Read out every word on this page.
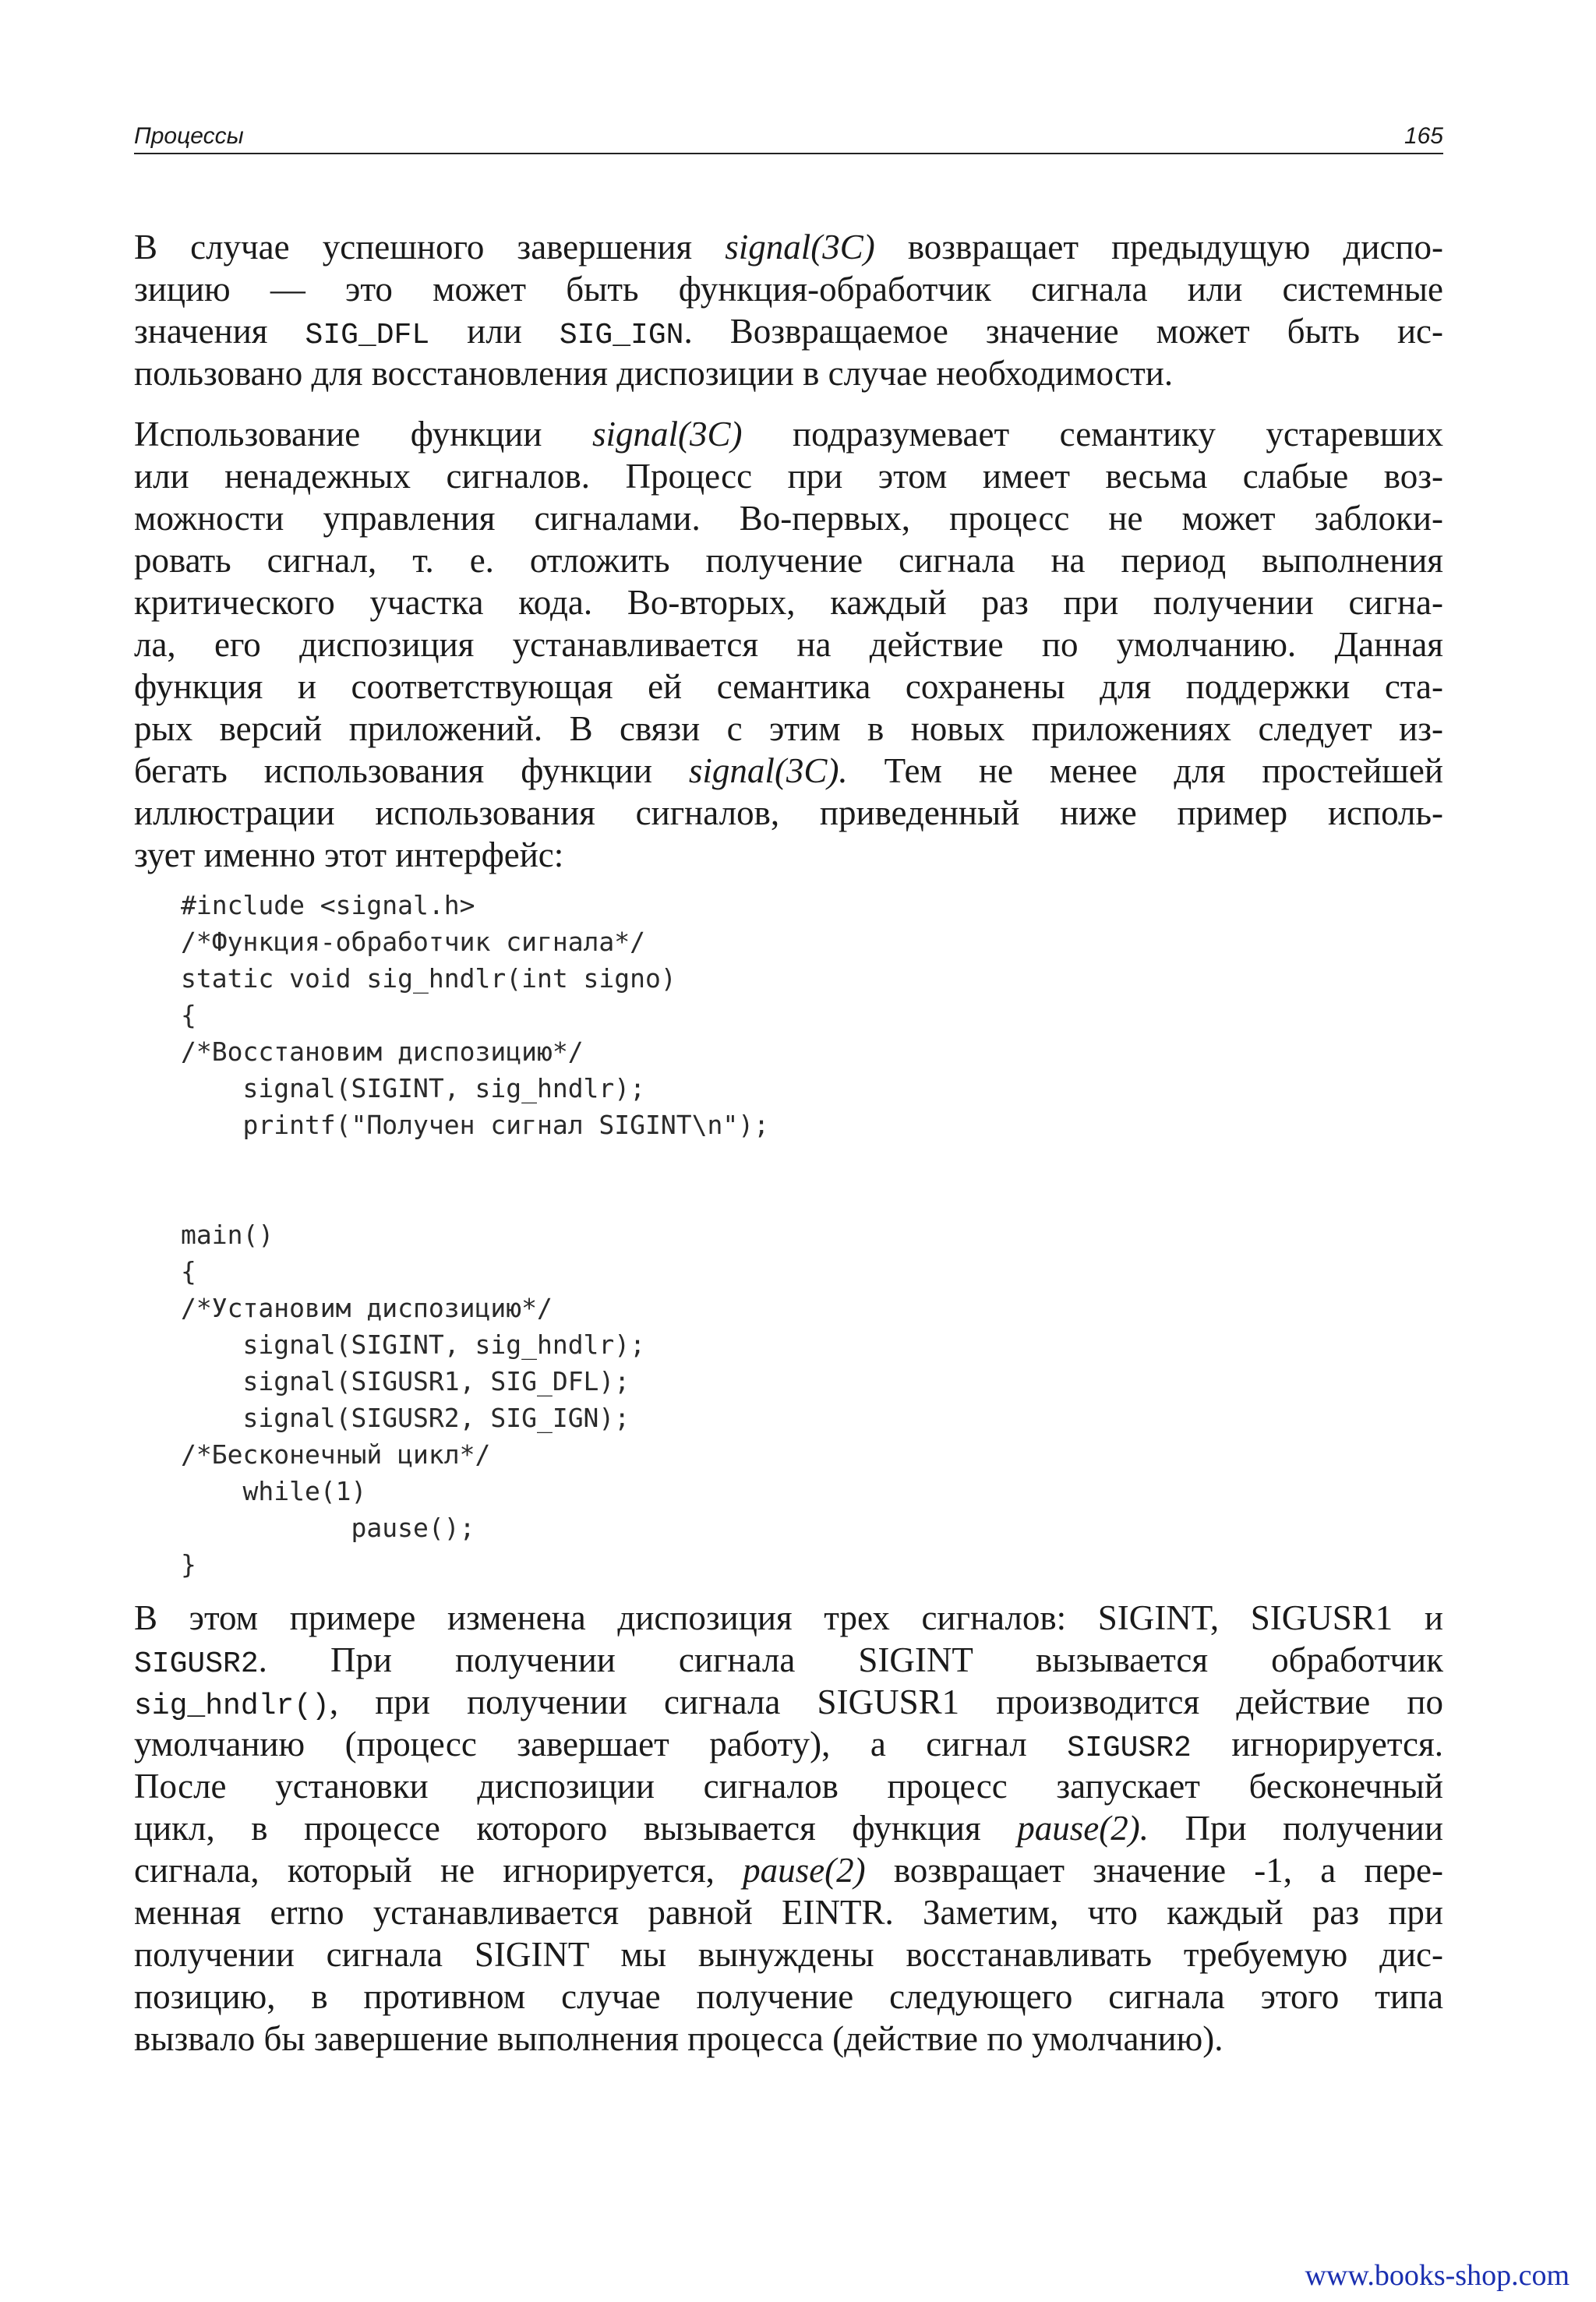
Процессы	165
В случае успешного завершения signal(3C) возвращает предыдущую диспо-
зицию — это может быть функция-обработчик сигнала или системные
значения SIG_DFL или SIG_IGN. Возвращаемое значение может быть ис-
пользовано для восстановления диспозиции в случае необходимости.
Использование функции signal(3C) подразумевает семантику устаревших
или ненадежных сигналов. Процесс при этом имеет весьма слабые воз-
можности управления сигналами. Во-первых, процесс не может заблоки-
ровать сигнал, т. е. отложить получение сигнала на период выполнения
критического участка кода. Во-вторых, каждый раз при получении сигна-
ла, его диспозиция устанавливается на действие по умолчанию. Данная
функция и соответствующая ей семантика сохранены для поддержки ста-
рых версий приложений. В связи с этим в новых приложениях следует из-
бегать использования функции signal(3C). Тем не менее для простейшей
иллюстрации использования сигналов, приведенный ниже пример исполь-
зует именно этот интерфейс:
#include <signal.h>
/*Функция-обработчик сигнала*/
static void sig_hndlr(int signo)
{
/*Восстановим диспозицию*/
signal(SIGINT, sig_hndlr);
printf("Получен сигнал SIGINT\n");
main()
{
/*Установим диспозицию*/
signal(SIGINT, sig_hndlr);
signal(SIGUSR1, SIG_DFL);
signal(SIGUSR2, SIG_IGN);
/*Бесконечный цикл*/
while(1)
pause();
}
В этом примере изменена диспозиция трех сигналов: SIGINT, SIGUSR1 и
SIGUSR2. При получении сигнала SIGINT вызывается обработчик
sig_hndlr(), при получении сигнала SIGUSR1 производится действие по
умолчанию (процесс завершает работу), а сигнал SIGUSR2 игнорируется.
После установки диспозиции сигналов процесс запускает бесконечный
цикл, в процессе которого вызывается функция pause(2). При получении
сигнала, который не игнорируется, pause(2) возвращает значение -1, а пере-
менная errno устанавливается равной EINTR. Заметим, что каждый раз при
получении сигнала SIGINT мы вынуждены восстанавливать требуемую дис-
позицию, в противном случае получение следующего сигнала этого типа
вызвало бы завершение выполнения процесса (действие по умолчанию).
www.books-shop.com
